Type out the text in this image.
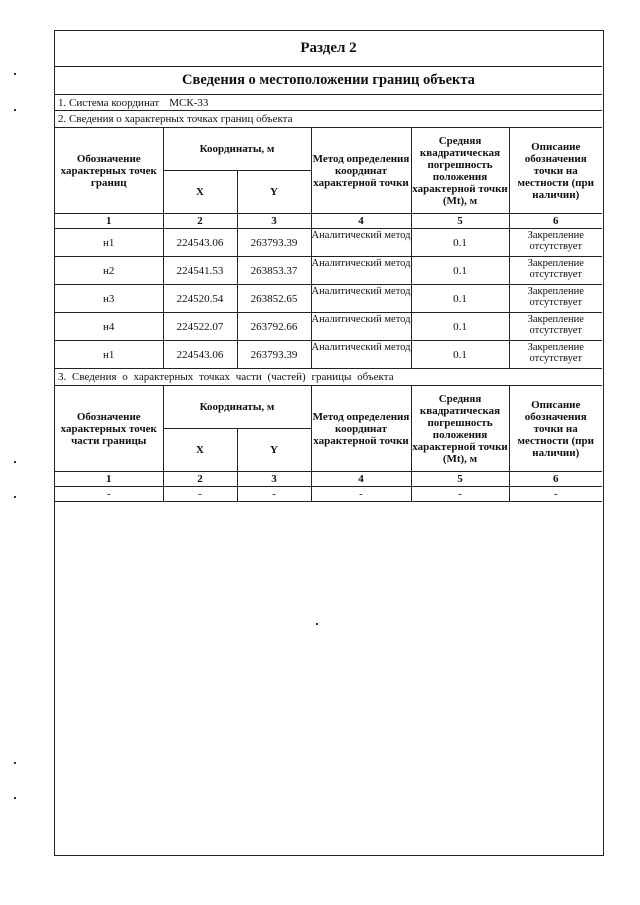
Раздел 2
Сведения о местоположении границ объекта
1. Система координат МСК-33
2. Сведения о характерных точках границ объекта
Обозначение характерных точек границ	Координаты, м		Метод определения координат характерной точки	Средняя квадратическая погрешность положения характерной точки (Mt), м	Описание обозначения точки на местности (при наличии)
	X	Y			
1	2	3	4	5	6
н1	224543.06	263793.39	Аналитический метод	0.1	Закрепление отсутствует
н2	224541.53	263853.37	Аналитический метод	0.1	Закрепление отсутствует
н3	224520.54	263852.65	Аналитический метод	0.1	Закрепление отсутствует
н4	224522.07	263792.66	Аналитический метод	0.1	Закрепление отсутствует
н1	224543.06	263793.39	Аналитический метод	0.1	Закрепление отсутствует
3. Сведения о характерных точках части (частей) границы объекта
Обозначение характерных точек части границы	Координаты, м		Метод определения координат характерной точки	Средняя квадратическая погрешность положения характерной точки (Mt), м	Описание обозначения точки на местности (при наличии)
	X	Y			
1	2	3	4	5	6
-	-	-	-	-	-
